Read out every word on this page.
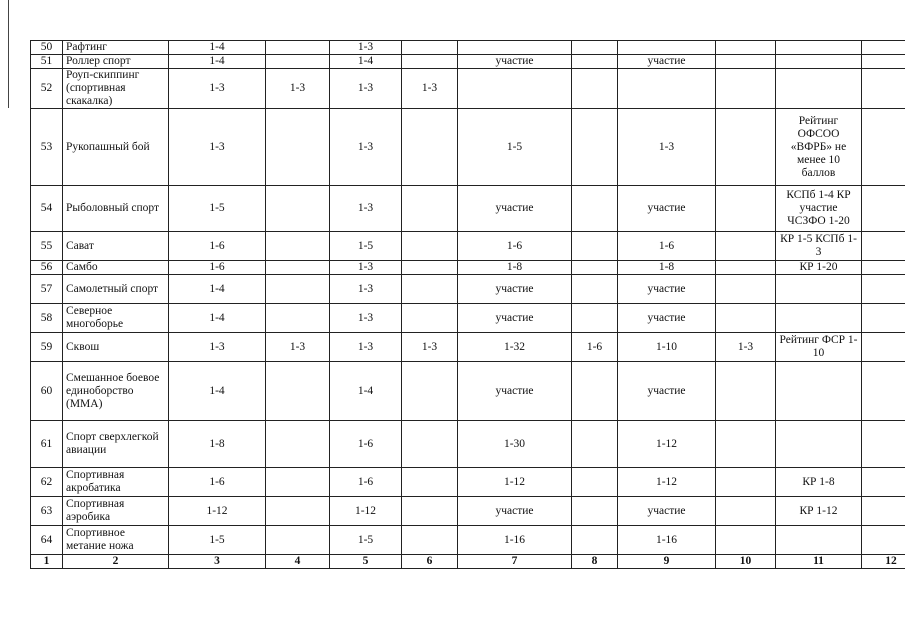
50	Рафтинг	1-4		1-3							
51	Роллер спорт	1-4		1-4		участие		участие			
52	Роуп-скиппинг (спортивная скакалка)	1-3	1-3	1-3	1-3						
53	Рукопашный бой	1-3		1-3		1-5		1-3		Рейтинг ОФСОО «ВФРБ» не менее 10 баллов	
54	Рыболовный спорт	1-5		1-3		участие		участие		КСПб 1-4 КР участие ЧСЗФО 1-20	
55	Сават	1-6		1-5		1-6		1-6		КР 1-5 КСПб 1-3	
56	Самбо	1-6		1-3		1-8		1-8		КР 1-20	
57	Самолетный спорт	1-4		1-3		участие		участие			
58	Северное многоборье	1-4		1-3		участие		участие			
59	Сквош	1-3	1-3	1-3	1-3	1-32	1-6	1-10	1-3	Рейтинг ФСР 1-10	
60	Смешанное боевое единоборство (ММА)	1-4		1-4		участие		участие			
61	Спорт сверхлегкой авиации	1-8		1-6		1-30		1-12			
62	Спортивная акробатика	1-6		1-6		1-12		1-12		КР 1-8	
63	Спортивная аэробика	1-12		1-12		участие		участие		КР 1-12	
64	Спортивное метание ножа	1-5		1-5		1-16		1-16			
1	2	3	4	5	6	7	8	9	10	11	12
